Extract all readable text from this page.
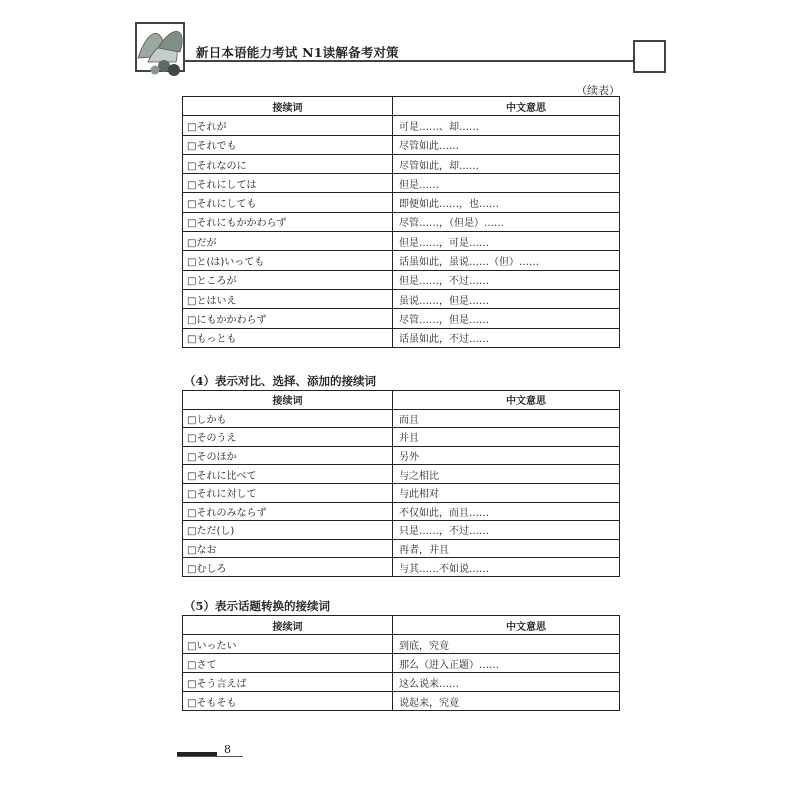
新日本语能力考试 N1读解备考对策
（续表）
接续词	中文意思
□それが	可是……、却……
□それでも	尽管如此……
□それなのに	尽管如此，却……
□それにしては	但是……
□それにしても	即便如此……，也……
□それにもかかわらず	尽管……，（但是）……
□だが	但是……，可是……
□と(は)いっても	话虽如此，虽说……（但）……
□ところが	但是……，不过……
□とはいえ	虽说……，但是……
□にもかかわらず	尽管……，但是……
□もっとも	话虽如此，不过……
（4）表示对比、选择、添加的接续词
接续词	中文意思
□しかも	而且
□そのうえ	并且
□そのほか	另外
□それに比べて	与之相比
□それに対して	与此相对
□それのみならず	不仅如此，而且……
□ただ(し)	只是……，不过……
□なお	再者，并且
□むしろ	与其……不如说……
（5）表示话题转换的接续词
接续词	中文意思
□いったい	到底，究竟
□さて	那么（进入正题）……
□そう言えば	这么说来……
□そもそも	说起来，究竟
8
